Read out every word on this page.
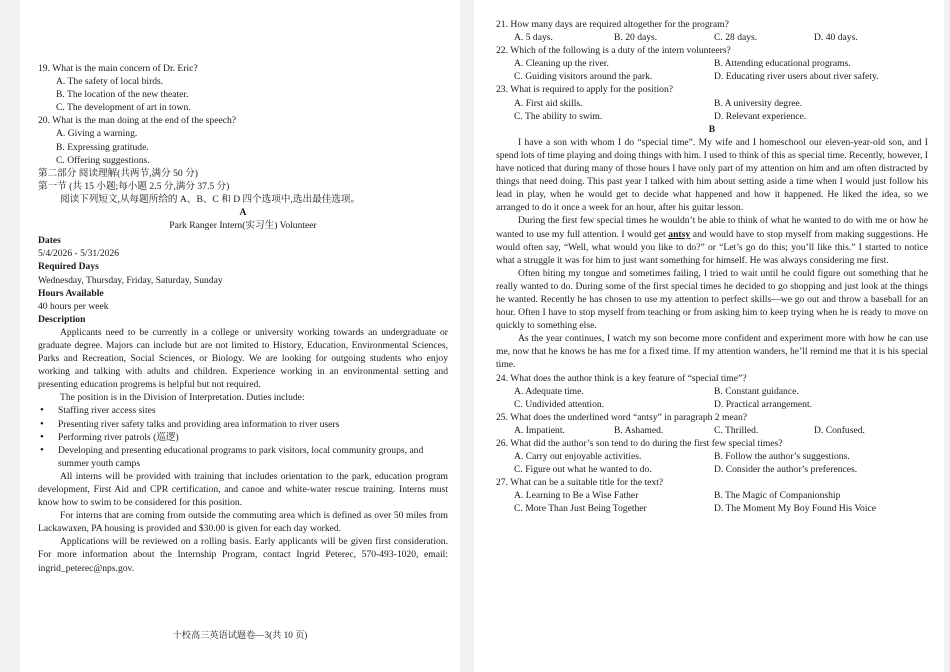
19. What is the main concern of Dr. Eric?

A. The safety of local birds.

B. The location of the new theater.

C. The development of art in town.

20. What is the man doing at the end of the speech?

A. Giving a warning.

B. Expressing gratitude.

C. Offering suggestions.

第二部分 阅读理解(共两节,满分 50 分)

第一节 (共 15 小题;每小题 2.5 分,满分 37.5 分)

阅读下列短文,从每题所给的 A、B、C 和 D 四个选项中,选出最佳选项。

A

Park Ranger Intern(实习生) Volunteer

Dates

5/4/2026 - 5/31/2026

Required Days

Wednesday, Thursday, Friday, Saturday, Sunday

Hours Available

40 hours per week

Description

Applicants need to be currently in a college or university working towards an undergraduate or graduate degree. Majors can include but are not limited to History, Education, Environmental Sciences, Parks and Recreation, Social Sciences, or Biology. We are looking for outgoing students who enjoy working and talking with adults and children. Experience working in an environmental setting and presenting education progrems is helpful but not required.

The position is in the Division of Interpretation. Duties include:

• Staffing river access sites
• Presenting river safety talks and providing area information to river users
• Performing river patrols (巡逻)
• Developing and presenting educational programs to park visitors, local community groups, and summer youth camps

All interns will be provided with training that includes orientation to the park, education program development, First Aid and CPR certification, and canoe and white-water rescue training. Interns must know how to swim to be considered for this position.

For interns that are coming from outside the commuting area which is defined as over 50 miles from Lackawaxen, PA housing is provided and $30.00 is given for each day worked.

Applications will be reviewed on a rolling basis. Early applicants will be given first consideration. For more information about the Internship Program, contact Ingrid Peterec, 570-493-1020, email: ingrid_peterec@nps.gov.

十校高三英语试题卷—3(共 10 页)

21. How many days are required altogether for the program?

A. 5 days.	B. 20 days.	C. 28 days.	D. 40 days.

22. Which of the following is a duty of the intern volunteers?

A. Cleaning up the river.	B. Attending educational programs.
C. Guiding visitors around the park.	D. Educating river users about river safety.

23. What is required to apply for the position?

A. First aid skills.	B. A university degree.
C. The ability to swim.	D. Relevant experience.

B

I have a son with whom I do “special time”. My wife and I homeschool our eleven-year-old son, and I spend lots of time playing and doing things with him. I used to think of this as special time. Recently, however, I have noticed that during many of those hours I have only part of my attention on him and am often distracted by things that need doing. This past year I talked with him about setting aside a time when I would just follow his lead in play, when he would get to decide what happened and how it happened. He liked the idea, so we arranged to do it once a week for an hour, after his guitar lesson.

During the first few special times he wouldn’t be able to think of what he wanted to do with me or how he wanted to use my full attention. I would get antsy and would have to stop myself from making suggestions. He would often say, “Well, what would you like to do?” or “Let’s go do this; you’ll like this.” I started to notice what a struggle it was for him to just want something for himself. He was always considering me first.

Often biting my tongue and sometimes failing, I tried to wait until he could figure out something that he really wanted to do. During some of the first special times he decided to go shopping and just look at the things he wanted. Recently he has chosen to use my attention to perfect skills—we go out and throw a baseball for an hour. Often I have to stop myself from teaching or from asking him to keep trying when he is ready to move on quickly to something else.

As the year continues, I watch my son become more confident and experiment more with how he can use me, now that he knows he has me for a fixed time. If my attention wanders, he’ll remind me that it is his special time.

24. What does the author think is a key feature of “special time”?

A. Adequate time.	B. Constant guidance.
C. Undivided attention.	D. Practical arrangement.

25. What does the underlined word “antsy” in paragraph 2 mean?

A. Impatient.	B. Ashamed.	C. Thrilled.	D. Confused.

26. What did the author’s son tend to do during the first few special times?

A. Carry out enjoyable activities.	B. Follow the author’s suggestions.
C. Figure out what he wanted to do.	D. Consider the author’s preferences.

27. What can be a suitable title for the text?

A. Learning to Be a Wise Father	B. The Magic of Companionship
C. More Than Just Being Together	D. The Moment My Boy Found His Voice
